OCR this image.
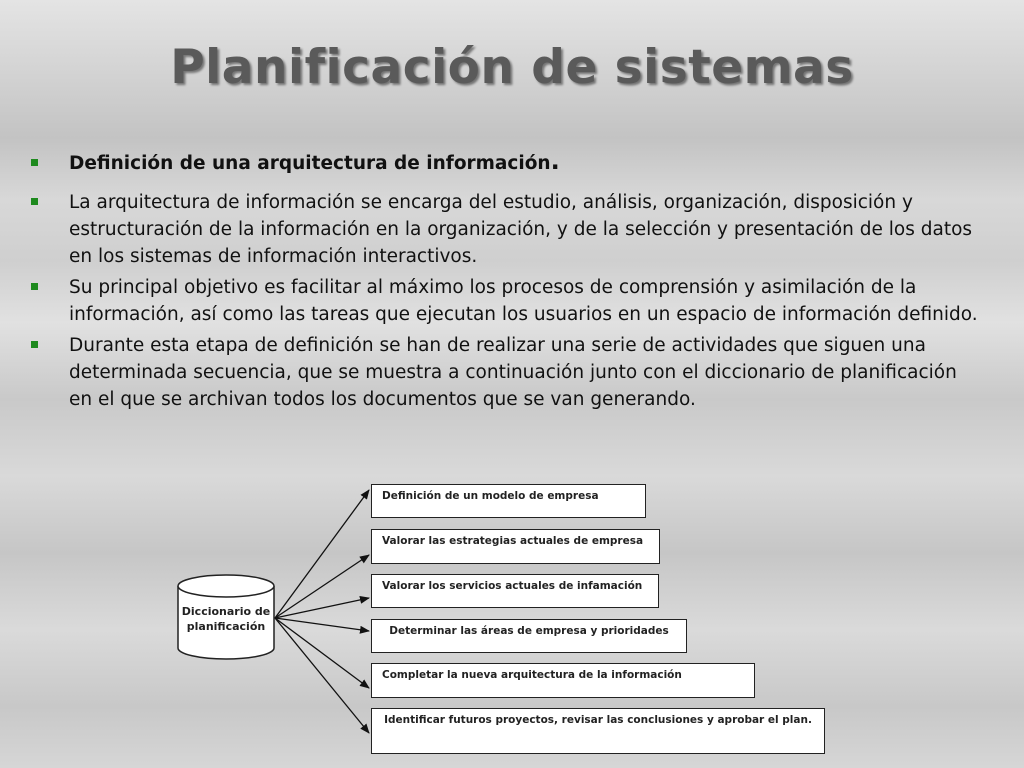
Planificación de sistemas
Definición de una arquitectura de información.
La arquitectura de información se encarga del estudio, análisis, organización, disposición y estructuración de la información en la organización, y de la selección y presentación de los datos en los sistemas de información interactivos.
Su principal objetivo es facilitar al máximo los procesos de comprensión y asimilación de la información, así como las tareas que ejecutan los usuarios en un espacio de información definido.
Durante esta etapa de definición se han de realizar una serie de actividades que siguen una determinada secuencia, que se muestra a continuación junto con el diccionario de planificación en el que se archivan todos los documentos que se van generando.
Diccionario de planificación
Definición de un modelo de empresa
Valorar las estrategias actuales de empresa
Valorar los servicios actuales de infamación
Determinar las áreas de empresa y prioridades
Completar la nueva arquitectura de la información
Identificar futuros proyectos, revisar las conclusiones y aprobar el plan.
